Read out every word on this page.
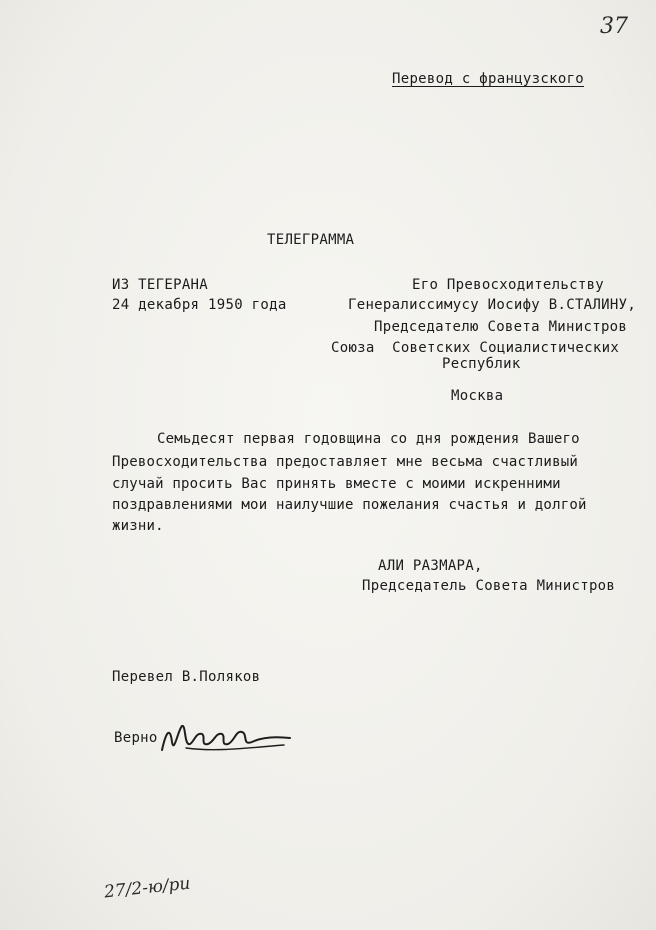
37
Перевод с французского
ТЕЛЕГРАММА
ИЗ ТЕГЕРАНА
24 декабря 1950 года
Его Превосходительству
Генералиссимусу Иосифу В.СТАЛИНУ,
Председателю Совета Министров
Союза  Советских Социалистических
Республик
Москва
Семьдесят первая годовщина со дня рождения Вашего
Превосходительства предоставляет мне весьма счастливый
случай просить Вас принять вместе с моими искренними
поздравлениями мои наилучшие пожелания счастья и долгой
жизни.
АЛИ РАЗМАРА,
Председатель Совета Министров
Перевел В.Поляков
Верно
27/2-ю/ри
